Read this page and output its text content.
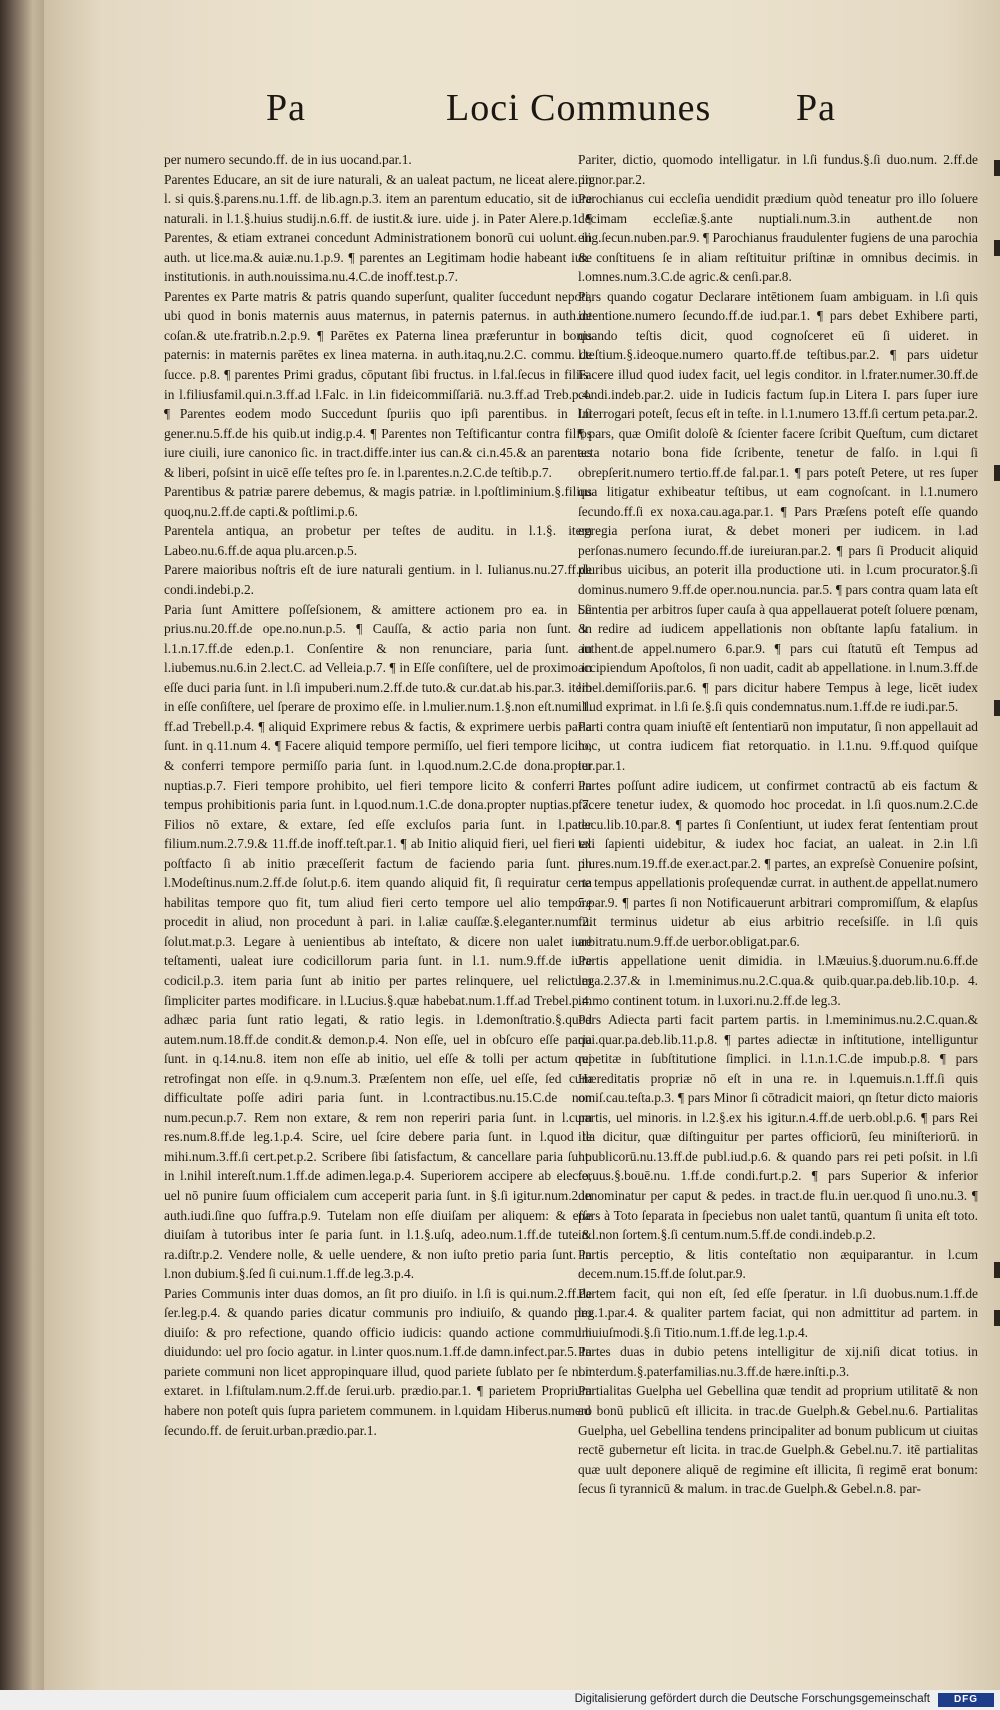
Pa	Loci Communes Pa

per numero secundo.ff. de in ius uocand.par.1.

Parentes Educare, an sit de iure naturali, & an ualeat pactum, ne liceat alere. in l. si quis.§.parens.nu.1.ff. de lib.agn.p.3. item an parentum educatio, sit de iure naturali. in l.1.§.huius studij.n.6.ff. de iustit.& iure. uide j. in Pater Alere.p.1. ¶ Parentes, & etiam extranei concedunt Administrationem bonorū cui uolunt. in auth. ut lice.ma.& auiæ.nu.1.p.9. ¶ parentes an Legitimam hodie habeant iure institutionis. in auth.nouissima.nu.4.C.de inoff.test.p.7.

Parentes ex Parte matris & patris quando superſunt, qualiter ſuccedunt nepoti, ubi quod in bonis maternis auus maternus, in paternis paternus. in auth.de coſan.& ute.fratrib.n.2.p.9. ¶ Parētes ex Paterna linea præferuntur in bonis paternis: in maternis parētes ex linea materna. in auth.itaq,nu.2.C. commu. de ſucce. p.8. ¶ parentes Primi gradus, cōputant ſibi fructus. in l.fal.ſecus in filiis. in l.filiusfamil.qui.n.3.ff.ad l.Falc. in l.in fideicommiſſariā. nu.3.ff.ad Treb.p.4. ¶ Parentes eodem modo Succedunt ſpuriis quo ipſi parentibus. in l.ſi gener.nu.5.ff.de his quib.ut indig.p.4. ¶ Parentes non Teſtificantur contra filios iure ciuili, iure canonico ſic. in tract.diffe.inter ius can.& ci.n.45.& an parentes & liberi, poſsint in uicē eſſe teſtes pro ſe. in l.parentes.n.2.C.de teſtib.p.7.

Parentibus & patriæ parere debemus, & magis patriæ. in l.poſtliminium.§.filius quoq,nu.2.ff.de capti.& poſtlimi.p.6.

Parentela antiqua, an probetur per teſtes de auditu. in l.1.§. item Labeo.nu.6.ff.de aqua plu.arcen.p.5.

Parere maioribus noſtris eſt de iure naturali gentium. in l. Iulianus.nu.27.ff.de condi.indebi.p.2.

Paria ſunt Amittere poſſeſsionem, & amittere actionem pro ea. in l.ſi prius.nu.20.ff.de ope.no.nun.p.5. ¶ Cauſſa, & actio paria non ſunt. in l.1.n.17.ff.de eden.p.1. Conſentire & non renunciare, paria ſunt. in l.iubemus.nu.6.in 2.lect.C. ad Velleia.p.7. ¶ in Eſſe conſiſtere, uel de proximo in eſſe duci paria ſunt. in l.ſi impuberi.num.2.ff.de tuto.& cur.dat.ab his.par.3. item in eſſe conſiſtere, uel ſperare de proximo eſſe. in l.mulier.num.1.§.non eſt.num.1. ff.ad Trebell.p.4. ¶ aliquid Exprimere rebus & factis, & exprimere uerbis paria ſunt. in q.11.num 4. ¶ Facere aliquid tempore permiſſo, uel fieri tempore licito, & conferri tempore permiſſo paria ſunt. in l.quod.num.2.C.de dona.propter nuptias.p.7. Fieri tempore prohibito, uel fieri tempore licito & conferri in tempus prohibitionis paria ſunt. in l.quod.num.1.C.de dona.propter nuptias.p.7. Filios nō extare, & extare, ſed eſſe excluſos paria ſunt. in l.pater filium.num.2.7.9.& 11.ff.de inoff.teſt.par.1. ¶ ab Initio aliquid fieri, uel fieri ex poſtfacto ſi ab initio præceſſerit factum de faciendo paria ſunt. in l.Modeſtinus.num.2.ff.de ſolut.p.6. item quando aliquid fit, ſi requiratur certa habilitas tempore quo fit, tum aliud fieri certo tempore uel alio tempore procedit in aliud, non procedunt à pari. in l.aliæ cauſſæ.§.eleganter.num.2. ſolut.mat.p.3. Legare à uenientibus ab inteſtato, & dicere non ualet iure teſtamenti, ualeat iure codicillorum paria ſunt. in l.1. num.9.ff.de iure codicil.p.3. item paria ſunt ab initio per partes relinquere, uel relictum ſimpliciter partes modificare. in l.Lucius.§.quæ habebat.num.1.ff.ad Trebel.p.4. adhæc paria ſunt ratio legati, & ratio legis. in l.demonſtratio.§.quod autem.num.18.ff.de condit.& demon.p.4. Non eſſe, uel in obſcuro eſſe paria ſunt. in q.14.nu.8. item non eſſe ab initio, uel eſſe & tolli per actum qui retrofingat non eſſe. in q.9.num.3. Præſentem non eſſe, uel eſſe, ſed cum difficultate poſſe adiri paria ſunt. in l.contractibus.nu.15.C.de non num.pecun.p.7. Rem non extare, & rem non reperiri paria ſunt. in l.cum res.num.8.ff.de leg.1.p.4. Scire, uel ſcire debere paria ſunt. in l.quod te mihi.num.3.ff.ſi cert.pet.p.2. Scribere ſibi ſatisfactum, & cancellare paria ſunt. in l.nihil intereſt.num.1.ff.de adimen.lega.p.4. Superiorem accipere ab electo, uel nō punire ſuum officialem cum acceperit paria ſunt. in §.ſi igitur.num.2.in auth.iudi.ſine quo ſuffra.p.9. Tutelam non eſſe diuiſam per aliquem: & eſſe diuiſam à tutoribus inter ſe paria ſunt. in l.1.§.uſq, adeo.num.1.ff.de tute.& ra.diſtr.p.2. Vendere nolle, & uelle uendere, & non iuſto pretio paria ſunt. in l.non dubium.§.ſed ſi cui.num.1.ff.de leg.3.p.4.

Paries Communis inter duas domos, an ſit pro diuiſo. in l.ſi is qui.num.2.ff.de ſer.leg.p.4. & quando paries dicatur communis pro indiuiſo, & quando pro diuiſo: & pro refectione, quando officio iudicis: quando actione communi diuidundo: uel pro ſocio agatur. in l.inter quos.num.1.ff.de damn.infect.par.5. In pariete communi non licet appropinquare illud, quod pariete ſublato per ſe non extaret. in l.fiſtulam.num.2.ff.de ſerui.urb. prædio.par.1. ¶ parietem Proprium habere non poteſt quis ſupra parietem communem. in l.quidam Hiberus.numero ſecundo.ff. de ſeruit.urban.prædio.par.1.

Pariter, dictio, quomodo intelligatur. in l.ſi fundus.§.ſi duo.num. 2.ff.de pignor.par.2.

Parochianus cui eccleſia uendidit prædium quòd teneatur pro illo ſoluere decimam eccleſiæ.§.ante nuptiali.num.3.in authent.de non elig.ſecun.nuben.par.9. ¶ Parochianus fraudulenter fugiens de una parochia & conſtituens ſe in aliam reſtituitur priſtinæ in omnibus decimis. in l.omnes.num.3.C.de agric.& cenſi.par.8.

Pars quando cogatur Declarare intētionem ſuam ambiguam. in l.ſi quis intentione.numero ſecundo.ff.de iud.par.1. ¶ pars debet Exhibere parti, quando teſtis dicit, quod cognoſceret eū ſi uideret. in l.teſtium.§.ideoque.numero quarto.ff.de teſtibus.par.2. ¶ pars uidetur Facere illud quod iudex facit, uel legis conditor. in l.frater.numer.30.ff.de condi.indeb.par.2. uide in Iudicis factum ſup.in Litera I. pars ſuper iure Interrogari poteſt, ſecus eſt in teſte. in l.1.numero 13.ff.ſi certum peta.par.2. ¶ pars, quæ Omiſit doloſè & ſcienter facere ſcribit Queſtum, cum dictaret acta notario bona fide ſcribente, tenetur de falſo. in l.qui ſi obrepſerit.numero tertio.ff.de fal.par.1. ¶ pars poteſt Petere, ut res ſuper qua litigatur exhibeatur teſtibus, ut eam cognoſcant. in l.1.numero ſecundo.ff.ſi ex noxa.cau.aga.par.1. ¶ Pars Præſens poteſt eſſe quando egregia perſona iurat, & debet moneri per iudicem. in l.ad perſonas.numero ſecundo.ff.de iureiuran.par.2. ¶ pars ſi Producit aliquid pluribus uicibus, an poterit illa productione uti. in l.cum procurator.§.ſi dominus.numero 9.ff.de oper.nou.nuncia. par.5. ¶ pars contra quam lata eſt Sententia per arbitros ſuper cauſa à qua appellauerat poteſt ſoluere pœnam, & redire ad iudicem appellationis non obſtante lapſu fatalium. in authent.de appel.numero 6.par.9. ¶ pars cui ſtatutū eſt Tempus ad accipiendum Apoſtolos, ſi non uadit, cadit ab appellatione. in l.num.3.ff.de libel.demiſſoriis.par.6. ¶ pars dicitur habere Tempus à lege, licēt iudex illud exprimat. in l.ſi ſe.§.ſi quis condemnatus.num.1.ff.de re iudi.par.5.

Parti contra quam iniuſtē eſt ſententiarū non imputatur, ſi non appellauit ad hoc, ut contra iudicem fiat retorquatio. in l.1.nu. 9.ff.quod quiſque iur.par.1.

Partes poſſunt adire iudicem, ut confirmet contractū ab eis factum & facere tenetur iudex, & quomodo hoc procedat. in l.ſi quos.num.2.C.de decu.lib.10.par.8. ¶ partes ſi Conſentiunt, ut iudex ferat ſententiam prout tali ſapienti uidebitur, & iudex hoc faciat, an ualeat. in 2.in l.ſi plures.num.19.ff.de exer.act.par.2. ¶ partes, an expreſsè Conuenire poſsint, ne tempus appellationis proſequendæ currat. in authent.de appellat.numero 5.par.9. ¶ partes ſi non Notificauerunt arbitrari compromiſſum, & elapſus fuit terminus uidetur ab eius arbitrio receſsiſſe. in l.ſi quis arbitratu.num.9.ff.de uerbor.obligat.par.6.

Partis appellatione uenit dimidia. in l.Mæuius.§.duorum.nu.6.ff.de lega.2.37.& in l.meminimus.nu.2.C.qua.& quib.quar.pa.deb.lib.10.p. 4. immo continent totum. in l.uxori.nu.2.ff.de leg.3.

Pars Adiecta parti facit partem partis. in l.meminimus.nu.2.C.quan.& qui.quar.pa.deb.lib.11.p.8. ¶ partes adiectæ in inſtitutione, intelliguntur repetitæ in ſubſtitutione ſimplici. in l.1.n.1.C.de impub.p.8. ¶ pars Hæreditatis propriæ nō eſt in una re. in l.quemuis.n.1.ff.ſi quis omiſ.cau.teſta.p.3. ¶ pars Minor ſi cōtradicit maiori, qn ſtetur dicto maioris partis, uel minoris. in l.2.§.ex his igitur.n.4.ff.de uerb.obl.p.6. ¶ pars Rei illa dicitur, quæ diſtinguitur per partes officiorū, ſeu miniſteriorū. in l.publicorū.nu.13.ff.de publ.iud.p.6. & quando pars rei peti poſsit. in l.ſi ſeruus.§.bouē.nu. 1.ff.de condi.furt.p.2. ¶ pars Superior & inferior denominatur per caput & pedes. in tract.de flu.in uer.quod ſi uno.nu.3. ¶ pars à Toto ſeparata in ſpeciebus non ualet tantū, quantum ſi unita eſt toto. in l.non ſortem.§.ſi centum.num.5.ff.de condi.indeb.p.2.

Partis perceptio, & litis conteſtatio non æquiparantur. in l.cum decem.num.15.ff.de ſolut.par.9.

Partem facit, qui non eſt, ſed eſſe ſperatur. in l.ſi duobus.num.1.ff.de leg.1.par.4. & qualiter partem faciat, qui non admittitur ad partem. in l.huiuſmodi.§.ſi Titio.num.1.ff.de leg.1.p.4.

Partes duas in dubio petens intelligitur de xij.niſi dicat totius. in l.interdum.§.paterfamilias.nu.3.ff.de hære.inſti.p.3.

Partialitas Guelpha uel Gebellina quæ tendit ad proprium utilitatē & non ad bonū publicū eſt illicita. in trac.de Guelph.& Gebel.nu.6. Partialitas Guelpha, uel Gebellina tendens principaliter ad bonum publicum ut ciuitas rectē gubernetur eſt licita. in trac.de Guelph.& Gebel.nu.7. itē partialitas quæ uult deponere aliquē de regimine eſt illicita, ſi regimē erat bonum: ſecus ſi tyrannicū & malum. in trac.de Guelph.& Gebel.n.8. par-

Digitalisierung gefördert durch die Deutsche Forschungsgemeinschaft	DFG
